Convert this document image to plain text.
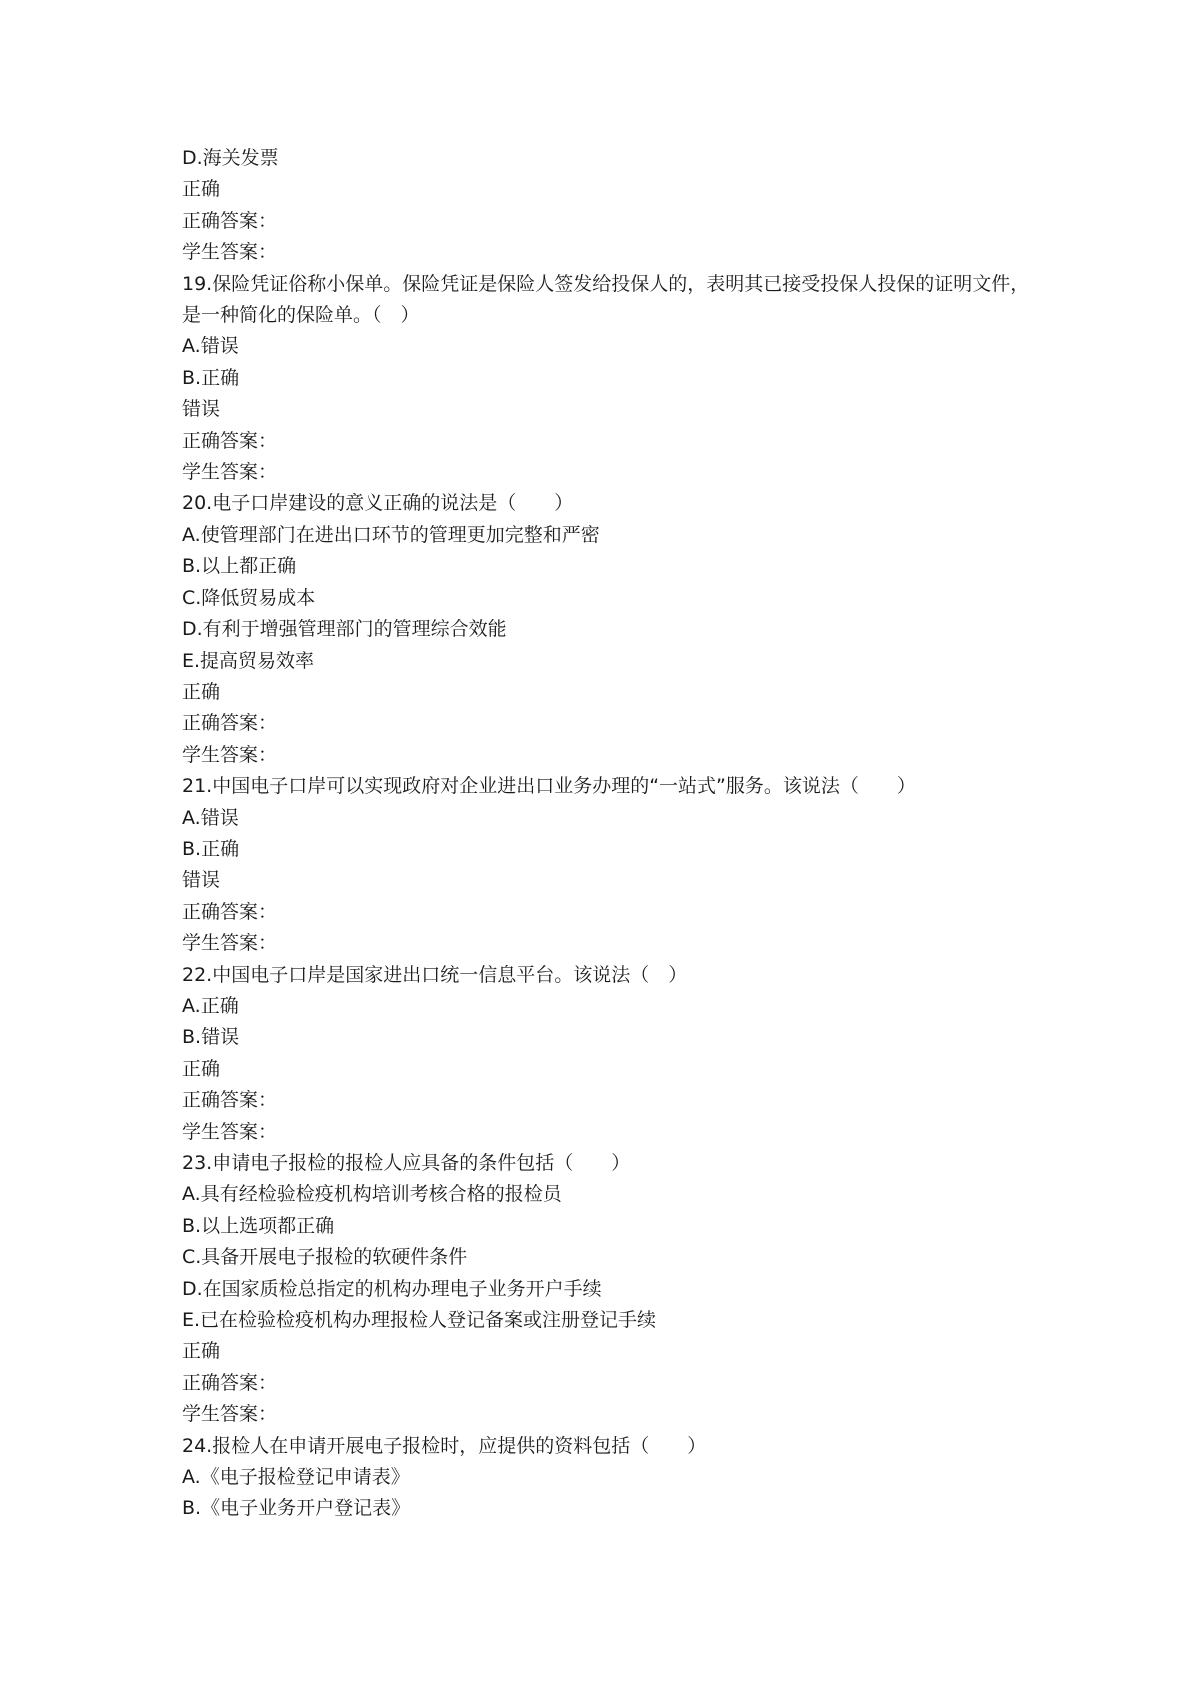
D.海关发票
正确
正确答案：
学生答案：
19.保险凭证俗称小保单。保险凭证是保险人签发给投保人的，表明其已接受投保人投保的证明文件，是一种简化的保险单。（　）
A.错误
B.正确
错误
正确答案：
学生答案：
20.电子口岸建设的意义正确的说法是（　　）
A.使管理部门在进出口环节的管理更加完整和严密
B.以上都正确
C.降低贸易成本
D.有利于增强管理部门的管理综合效能
E.提高贸易效率
正确
正确答案：
学生答案：
21.中国电子口岸可以实现政府对企业进出口业务办理的“一站式”服务。该说法（　　）
A.错误
B.正确
错误
正确答案：
学生答案：
22.中国电子口岸是国家进出口统一信息平台。该说法（　）
A.正确
B.错误
正确
正确答案：
学生答案：
23.申请电子报检的报检人应具备的条件包括（　　）
A.具有经检验检疫机构培训考核合格的报检员
B.以上选项都正确
C.具备开展电子报检的软硬件条件
D.在国家质检总指定的机构办理电子业务开户手续
E.已在检验检疫机构办理报检人登记备案或注册登记手续
正确
正确答案：
学生答案：
24.报检人在申请开展电子报检时，应提供的资料包括（　　）
A.《电子报检登记申请表》
B.《电子业务开户登记表》
